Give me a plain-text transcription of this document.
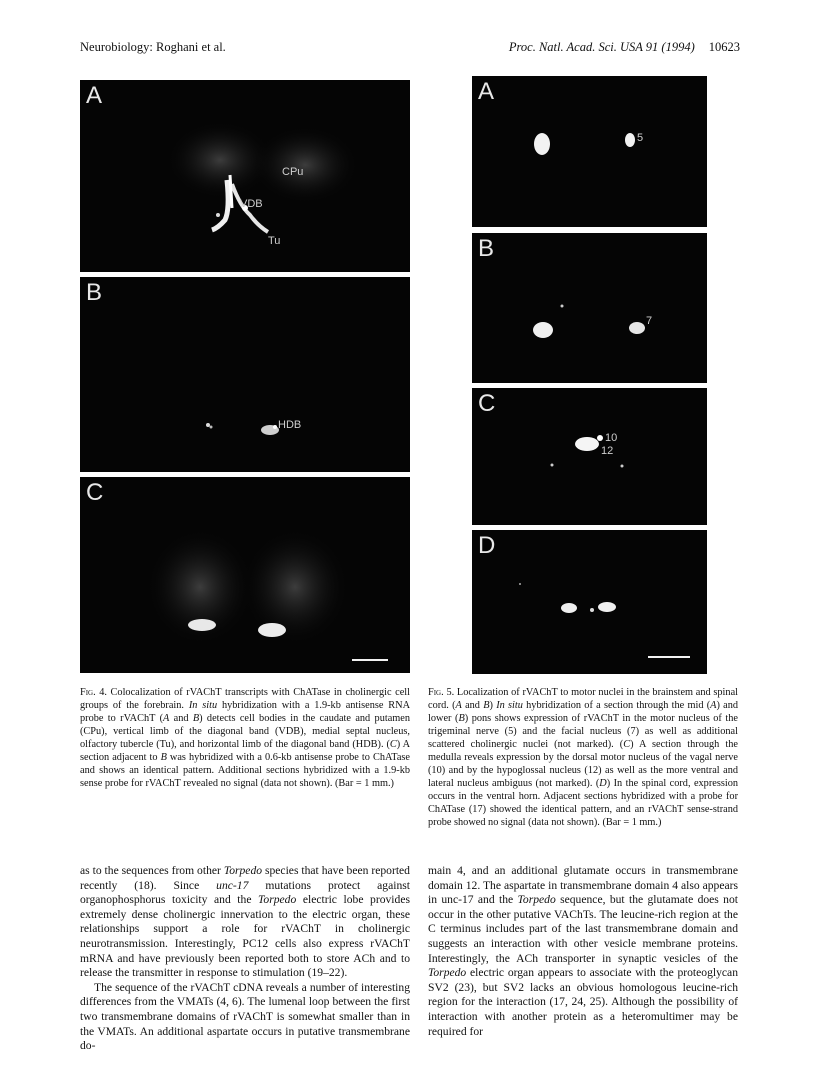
Neurobiology: Roghani et al.	Proc. Natl. Acad. Sci. USA 91 (1994) 10623
A
CPu
VDB
Tu
B
HDB
C

Fig. 4. Colocalization of rVAChT transcripts with ChATase in cholinergic cell groups of the forebrain. In situ hybridization with a 1.9-kb antisense RNA probe to rVAChT (A and B) detects cell bodies in the caudate and putamen (CPu), vertical limb of the diagonal band (VDB), medial septal nucleus, olfactory tubercle (Tu), and horizontal limb of the diagonal band (HDB). (C) A section adjacent to B was hybridized with a 0.6-kb antisense probe to ChATase and shows an identical pattern. Additional sections hybridized with a 1.9-kb sense probe for rVAChT revealed no signal (data not shown). (Bar = 1 mm.)

A
5
B
7
C
10
12
D

Fig. 5. Localization of rVAChT to motor nuclei in the brainstem and spinal cord. (A and B) In situ hybridization of a section through the mid (A) and lower (B) pons shows expression of rVAChT in the motor nucleus of the trigeminal nerve (5) and the facial nucleus (7) as well as additional scattered cholinergic nuclei (not marked). (C) A section through the medulla reveals expression by the dorsal motor nucleus of the vagal nerve (10) and by the hypoglossal nucleus (12) as well as the more ventral and lateral nucleus ambiguus (not marked). (D) In the spinal cord, expression occurs in the ventral horn. Adjacent sections hybridized with a probe for ChATase (17) showed the identical pattern, and an rVAChT sense-strand probe showed no signal (data not shown). (Bar = 1 mm.)

as to the sequences from other Torpedo species that have been reported recently (18). Since unc-17 mutations protect against organophosphorus toxicity and the Torpedo electric lobe provides extremely dense cholinergic innervation to the electric organ, these relationships support a role for rVAChT in cholinergic neurotransmission. Interestingly, PC12 cells also express rVAChT mRNA and have previously been reported both to store ACh and to release the transmitter in response to stimulation (19–22).

The sequence of the rVAChT cDNA reveals a number of interesting differences from the VMATs (4, 6). The lumenal loop between the first two transmembrane domains of rVAChT is somewhat smaller than in the VMATs. An additional aspartate occurs in putative transmembrane do-

main 4, and an additional glutamate occurs in transmembrane domain 12. The aspartate in transmembrane domain 4 also appears in unc-17 and the Torpedo sequence, but the glutamate does not occur in the other putative VAChTs. The leucine-rich region at the C terminus includes part of the last transmembrane domain and suggests an interaction with other vesicle membrane proteins. Interestingly, the ACh transporter in synaptic vesicles of the Torpedo electric organ appears to associate with the proteoglycan SV2 (23), but SV2 lacks an obvious homologous leucine-rich region for the interaction (17, 24, 25). Although the possibility of interaction with another protein as a heteromultimer may be required for
